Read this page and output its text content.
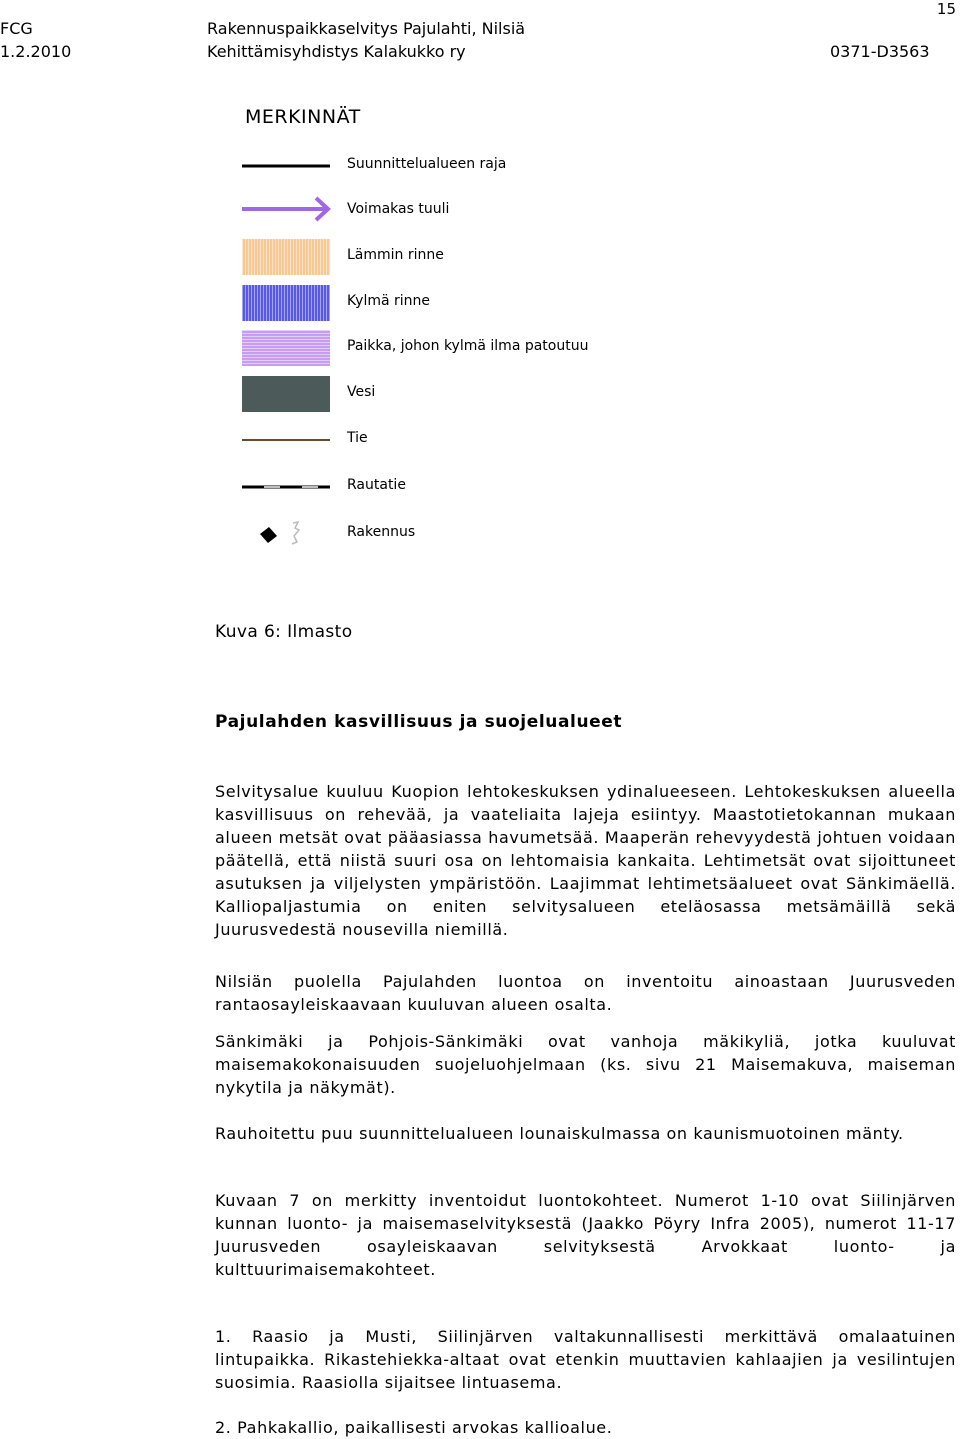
15
FCG
1.2.2010
Rakennuspaikkaselvitys Pajulahti, Nilsiä
Kehittämisyhdistys Kalakukko ry	0371-D3563
MERKINNÄT
Suunnittelualueen raja
Voimakas tuuli
Lämmin rinne
Kylmä rinne
Paikka, johon kylmä ilma patoutuu
Vesi
Tie
Rautatie
Rakennus
Kuva 6: Ilmasto
Pajulahden kasvillisuus ja suojelualueet

Selvitysalue kuuluu Kuopion lehtokeskuksen ydinalueeseen. Lehtokeskuksen alueella kasvillisuus on rehevää, ja vaateliaita lajeja esiintyy. Maastotietokannan mukaan alueen metsät ovat pääasiassa havumetsää. Maaperän rehevyydestä johtuen voidaan päätellä, että niistä suuri osa on lehtomaisia kankaita. Lehtimetsät ovat sijoittuneet asutuksen ja viljelysten ympäristöön. Laajimmat lehtimetsäalueet ovat Sänkimäellä. Kalliopaljastumia on eniten selvitysalueen eteläosassa metsämäillä sekä Juurusvedestä nousevilla niemillä.

Nilsiän puolella Pajulahden luontoa on inventoitu ainoastaan Juurusveden rantaosayleiskaavaan kuuluvan alueen osalta.

Sänkimäki ja Pohjois-Sänkimäki ovat vanhoja mäkikyliä, jotka kuuluvat maisemakokonaisuuden suojeluohjelmaan (ks. sivu 21 Maisemakuva, maiseman nykytila ja näkymät).

Rauhoitettu puu suunnittelualueen lounaiskulmassa on kaunismuotoinen mänty.

Kuvaan 7 on merkitty inventoidut luontokohteet. Numerot 1-10 ovat Siilinjärven kunnan luonto- ja maisemaselvityksestä (Jaakko Pöyry Infra 2005), numerot 11-17 Juurusveden osayleiskaavan selvityksestä Arvokkaat luonto- ja kulttuurimaisemakohteet.

1. Raasio ja Musti, Siilinjärven valtakunnallisesti merkittävä omalaatuinen lintupaikka. Rikastehiekka-altaat ovat etenkin muuttavien kahlaajien ja vesilintujen suosimia. Raasiolla sijaitsee lintuasema.

2. Pahkakallio, paikallisesti arvokas kallioalue.
